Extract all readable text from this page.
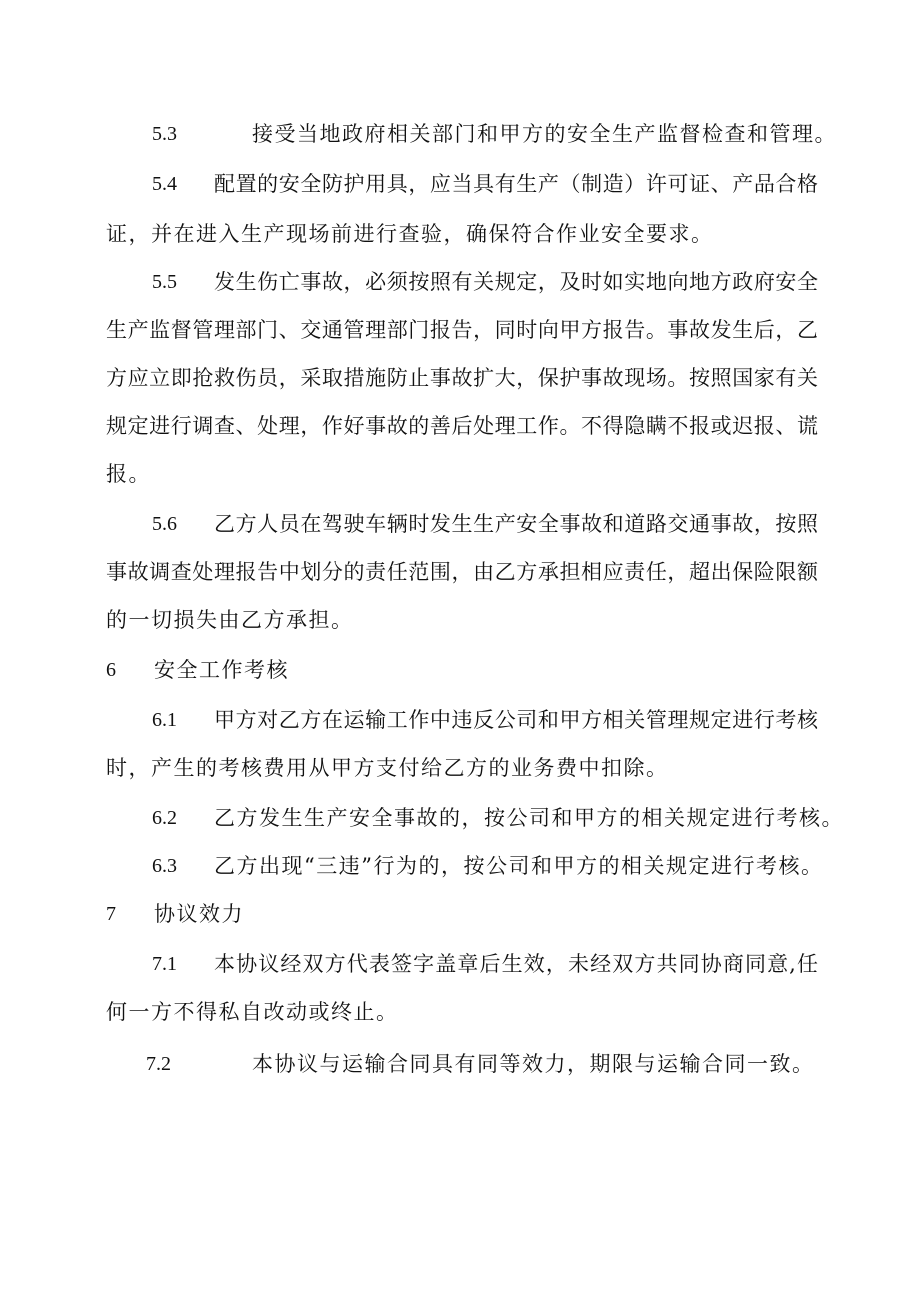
5.3	接受当地政府相关部门和甲方的安全生产监督检查和管理。
5.4 配置的安全防护用具，应当具有生产（制造）许可证、产品合格
证，并在进入生产现场前进行查验，确保符合作业安全要求。
5.5 发生伤亡事故，必须按照有关规定，及时如实地向地方政府安全
生产监督管理部门、交通管理部门报告，同时向甲方报告。事故发生后，乙
方应立即抢救伤员，采取措施防止事故扩大，保护事故现场。按照国家有关
规定进行调查、处理，作好事故的善后处理工作。不得隐瞒不报或迟报、谎
报。
5.6 乙方人员在驾驶车辆时发生生产安全事故和道路交通事故，按照
事故调查处理报告中划分的责任范围，由乙方承担相应责任，超出保险限额
的一切损失由乙方承担。
6 安全工作考核
6.1 甲方对乙方在运输工作中违反公司和甲方相关管理规定进行考核
时，产生的考核费用从甲方支付给乙方的业务费中扣除。
6.2 乙方发生生产安全事故的，按公司和甲方的相关规定进行考核。
6.3 乙方出现“三违”行为的，按公司和甲方的相关规定进行考核。
7 协议效力
7.1 本协议经双方代表签字盖章后生效，未经双方共同协商同意,任
何一方不得私自改动或终止。
7.2	本协议与运输合同具有同等效力，期限与运输合同一致。
